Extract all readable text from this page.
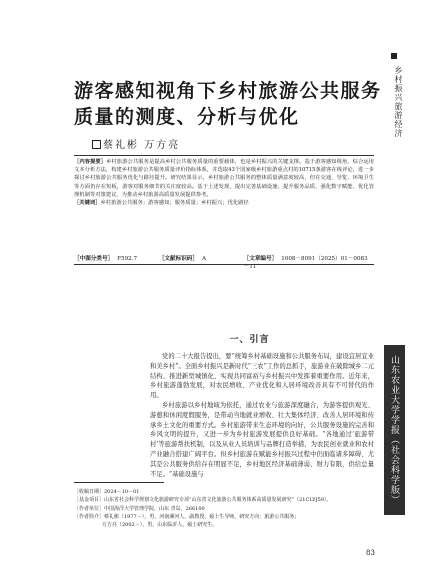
乡村振兴旅游经济
山东农业大学学报（社会科学版）
游客感知视角下乡村旅游公共服务质量的测度、分析与优化
蔡礼彬 万方亮
［内容提要］乡村旅游公共服务是提高乡村公共服务质量的重要载体，也是乡村振兴的关键支撑。基于游客感知视角，综合运用文本分析方法，构建乡村旅游公共服务质量评价指标体系，并选取43个国家级乡村旅游重点村的10715条游客在线评论，进一步探讨乡村旅游公共服务优化与路径提升。研究结果显示，乡村旅游公共服务的整体质量满意度较高，但在交通、导览、环境卫生等方面仍存在短板，游客对服务细节的关注度较高。基于上述发现，提出完善基础设施、提升服务品质、强化数字赋能、优化管理机制等对策建议，为推动乡村旅游高质量发展提供参考。
［关键词］乡村旅游公共服务；游客感知；服务质量；乡村振兴；优化路径
［中图分类号］ F592.7	［文献标识码］ A	［文章编号］ 1008－8091（2025）01－0083－11
一、引言

党的二十大报告提出，要“统筹乡村基础设施和公共服务布局，建设宜居宜业和美乡村”。全面乡村振兴是新时代“三农”工作的总抓手，旅游业在破除城乡二元结构、推进新型城镇化、实现共同富裕与乡村振兴中发挥着重要作用。近年来，乡村旅游蓬勃发展，对农民增收、产业优化和人居环境改善具有不可替代的作用。

乡村旅游以乡村地域为依托，通过农业与旅游深度融合，为游客提供观光、游憩和休闲度假服务，是带动当地就业增收、壮大集体经济、改善人居环境和传承乡土文化的重要方式。乡村旅游带来生态环境的向好，公共服务设施的完善和乡风文明的提升，又进一步为乡村旅游发展提供良好基础。“各地通过‘旅游带村’等旅游帮扶机制，以及从业人员培训与品牌打造举措，为农民创业就业和农村产业融合搭建广阔平台。但乡村旅游在赋能乡村振兴过程中仍面临诸多障碍，尤其是公共服务供给存在明显不足，乡村地区经济基础薄弱、财力有限，供给总量不足。“基础设施与

［收稿日期］2024－10－01
［基金项目］山东省社会科学规划文化旅游研究专项“山东省文化旅游公共服务体系高质量发展研究”（21CLYJ59）。
［作者单位］中国海洋大学管理学院，山东 青岛，266100
［作者简介］蔡礼彬（1977－），男，河南漯河人，副教授，硕士生导师，研究方向：旅游公共服务；
万方亮（2002－），男，山东临沂人，硕士研究生。
83
